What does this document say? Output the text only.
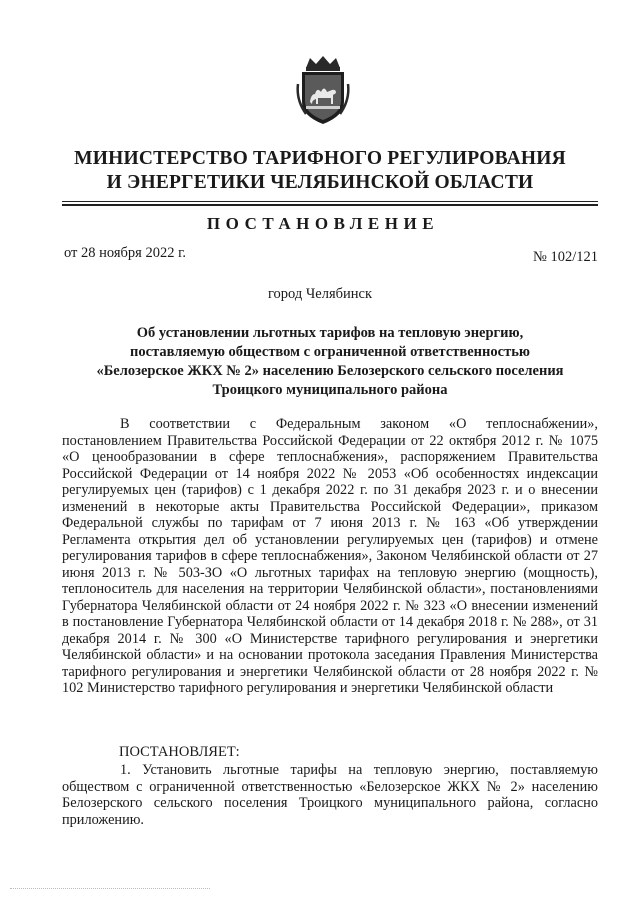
МИНИСТЕРСТВО ТАРИФНОГО РЕГУЛИРОВАНИЯ
И ЭНЕРГЕТИКИ ЧЕЛЯБИНСКОЙ ОБЛАСТИ
ПОСТАНОВЛЕНИЕ
от 28 ноября 2022 г.	№ 102/121
город Челябинск
Об установлении льготных тарифов на тепловую энергию,
поставляемую обществом с ограниченной ответственностью
«Белозерское ЖКХ № 2» населению Белозерского сельского поселения
Троицкого муниципального района

В соответствии с Федеральным законом «О теплоснабжении», постановлением Правительства Российской Федерации от 22 октября 2012 г. № 1075 «О ценообразовании в сфере теплоснабжения», распоряжением Правительства Российской Федерации от 14 ноября 2022 № 2053 «Об особенностях индексации регулируемых цен (тарифов) с 1 декабря 2022 г. по 31 декабря 2023 г. и о внесении изменений в некоторые акты Правительства Российской Федерации», приказом Федеральной службы по тарифам от 7 июня 2013 г. № 163 «Об утверждении Регламента открытия дел об установлении регулируемых цен (тарифов) и отмене регулирования тарифов в сфере теплоснабжения», Законом Челябинской области от 27 июня 2013 г. № 503-ЗО «О льготных тарифах на тепловую энергию (мощность), теплоноситель для населения на территории Челябинской области», постановлениями Губернатора Челябинской области от 24 ноября 2022 г. № 323 «О внесении изменений в постановление Губернатора Челябинской области от 14 декабря 2018 г. № 288», от 31 декабря 2014 г. № 300 «О Министерстве тарифного регулирования и энергетики Челябинской области» и на основании протокола заседания Правления Министерства тарифного регулирования и энергетики Челябинской области от 28 ноября 2022 г. № 102 Министерство тарифного регулирования и энергетики Челябинской области

ПОСТАНОВЛЯЕТ:

1. Установить льготные тарифы на тепловую энергию, поставляемую обществом с ограниченной ответственностью «Белозерское ЖКХ № 2» населению Белозерского сельского поселения Троицкого муниципального района, согласно приложению.
